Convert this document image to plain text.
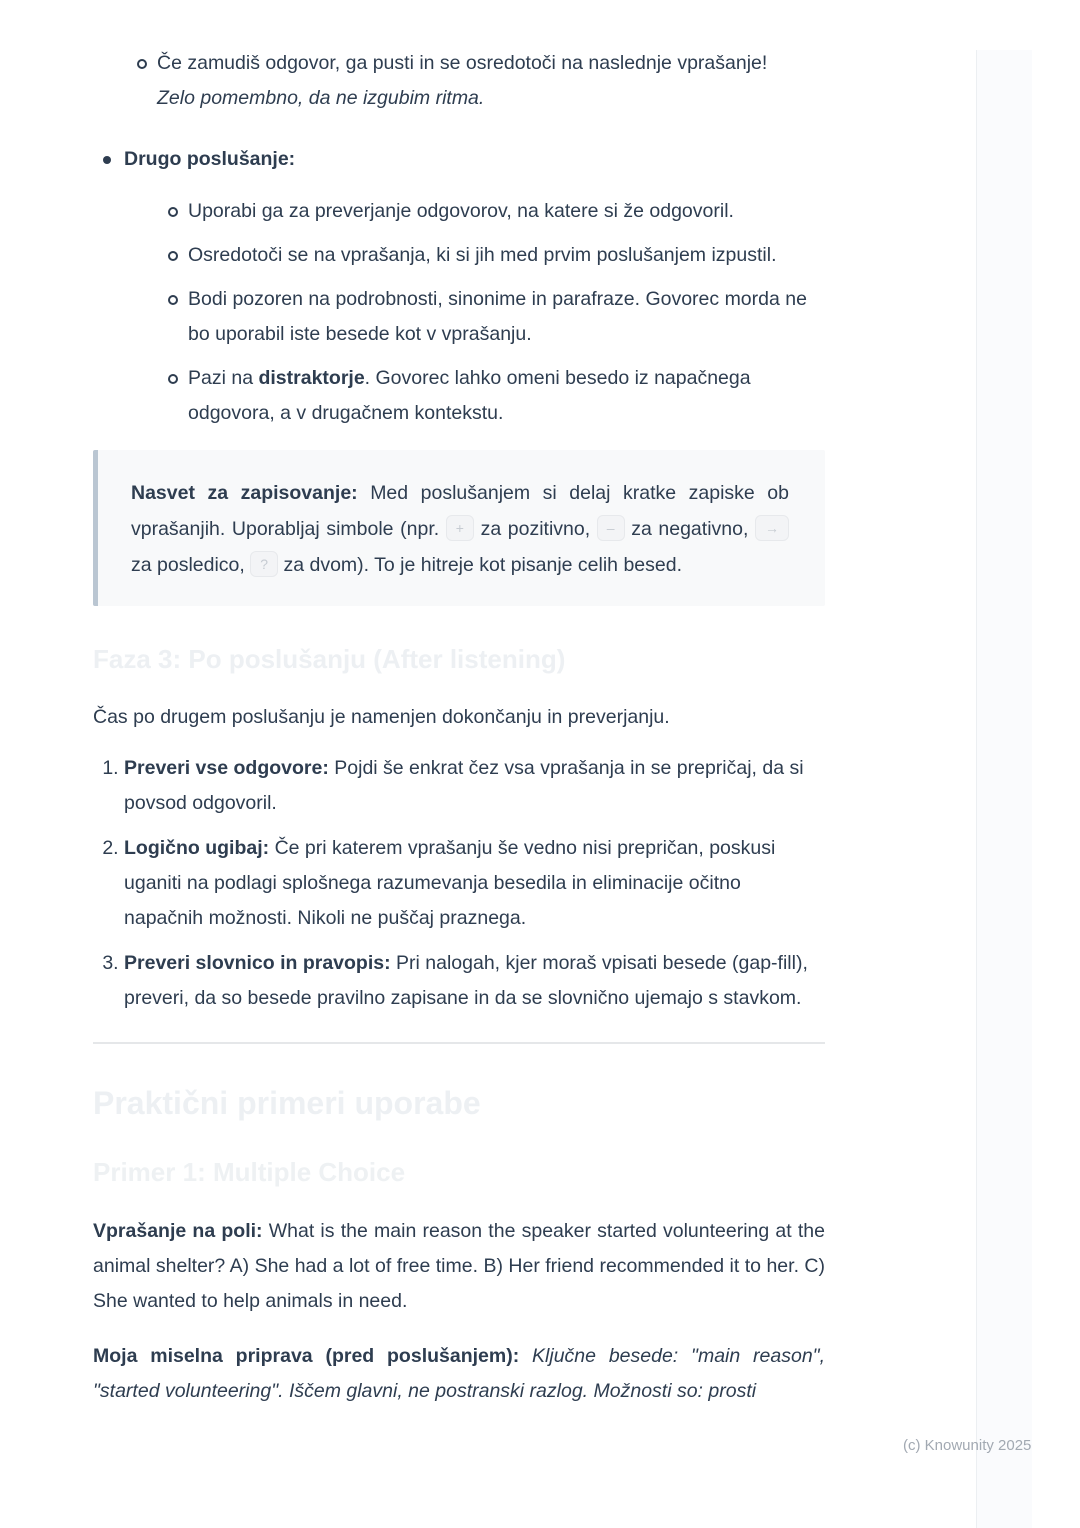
(c) Knowunity 2025
Če zamudiš odgovor, ga pusti in se osredotoči na naslednje vprašanje!
Zelo pomembno, da ne izgubim ritma.
Drugo poslušanje:
Uporabi ga za preverjanje odgovorov, na katere si že odgovoril.
Osredotoči se na vprašanja, ki si jih med prvim poslušanjem izpustil.
Bodi pozoren na podrobnosti, sinonime in parafraze. Govorec morda ne bo uporabil iste besede kot v vprašanju.
Pazi na distraktorje. Govorec lahko omeni besedo iz napačnega odgovora, a v drugačnem kontekstu.

Nasvet za zapisovanje: Med poslušanjem si delaj kratke zapiske ob vprašanjih. Uporabljaj simbole (npr. + za pozitivno, – za negativno, → za posledico, ? za dvom). To je hitreje kot pisanje celih besed.

Faza 3: Po poslušanju (After listening)

Čas po drugem poslušanju je namenjen dokončanju in preverjanju.

1. Preveri vse odgovore: Pojdi še enkrat čez vsa vprašanja in se prepričaj, da si povsod odgovoril.
2. Logično ugibaj: Če pri katerem vprašanju še vedno nisi prepričan, poskusi uganiti na podlagi splošnega razumevanja besedila in eliminacije očitno napačnih možnosti. Nikoli ne puščaj praznega.
3. Preveri slovnico in pravopis: Pri nalogah, kjer moraš vpisati besede (gap-fill), preveri, da so besede pravilno zapisane in da se slovnično ujemajo s stavkom.
Praktični primeri uporabe
Primer 1: Multiple Choice

Vprašanje na poli: What is the main reason the speaker started volunteering at the animal shelter? A) She had a lot of free time. B) Her friend recommended it to her. C) She wanted to help animals in need.

Moja miselna priprava (pred poslušanjem): Ključne besede: "main reason", "started volunteering". Iščem glavni, ne postranski razlog. Možnosti so: prosti
